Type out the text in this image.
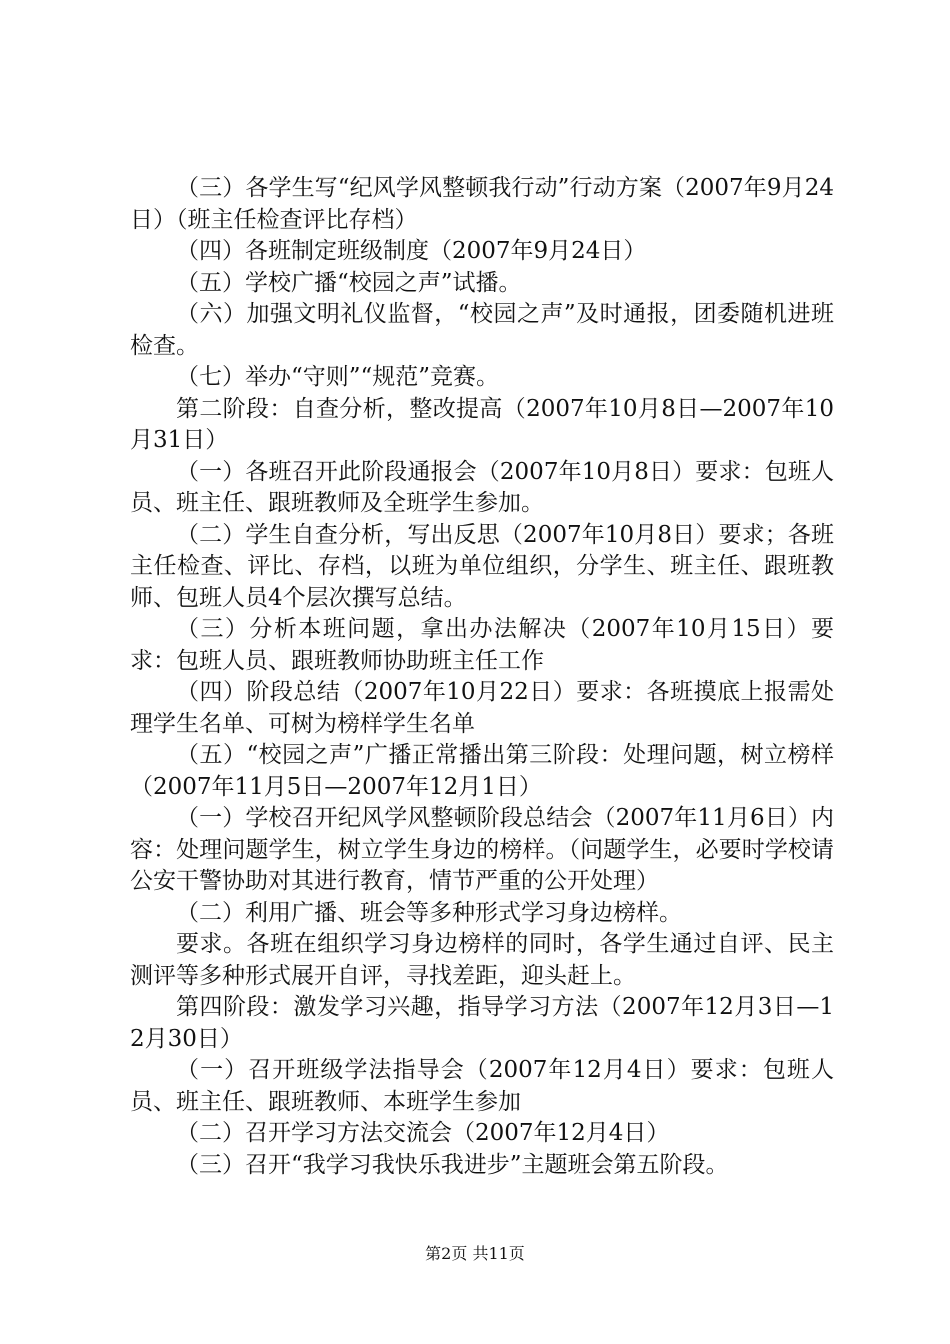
（三）各学生写“纪风学风整顿我行动”行动方案（2007年9月24日）（班主任检查评比存档）

（四）各班制定班级制度（2007年9月24日）

（五）学校广播“校园之声”试播。

（六）加强文明礼仪监督，“校园之声”及时通报，团委随机进班检查。

（七）举办“守则”“规范”竞赛。

第二阶段：自查分析，整改提高（2007年10月8日—2007年10月31日）

（一）各班召开此阶段通报会（2007年10月8日）要求：包班人员、班主任、跟班教师及全班学生参加。

（二）学生自查分析，写出反思（2007年10月8日）要求；各班主任检查、评比、存档，以班为单位组织，分学生、班主任、跟班教师、包班人员4个层次撰写总结。

（三）分析本班问题，拿出办法解决（2007年10月15日）要求：包班人员、跟班教师协助班主任工作

（四）阶段总结（2007年10月22日）要求：各班摸底上报需处理学生名单、可树为榜样学生名单

（五）“校园之声”广播正常播出第三阶段：处理问题，树立榜样（2007年11月5日—2007年12月1日）

（一）学校召开纪风学风整顿阶段总结会（2007年11月6日）内容：处理问题学生，树立学生身边的榜样。（问题学生，必要时学校请公安干警协助对其进行教育，情节严重的公开处理）

（二）利用广播、班会等多种形式学习身边榜样。

要求。各班在组织学习身边榜样的同时，各学生通过自评、民主测评等多种形式展开自评，寻找差距，迎头赶上。

第四阶段：激发学习兴趣，指导学习方法（2007年12月3日—12月30日）

（一）召开班级学法指导会（2007年12月4日）要求：包班人员、班主任、跟班教师、本班学生参加

（二）召开学习方法交流会（2007年12月4日）

（三）召开“我学习我快乐我进步”主题班会第五阶段。

第2页 共11页
